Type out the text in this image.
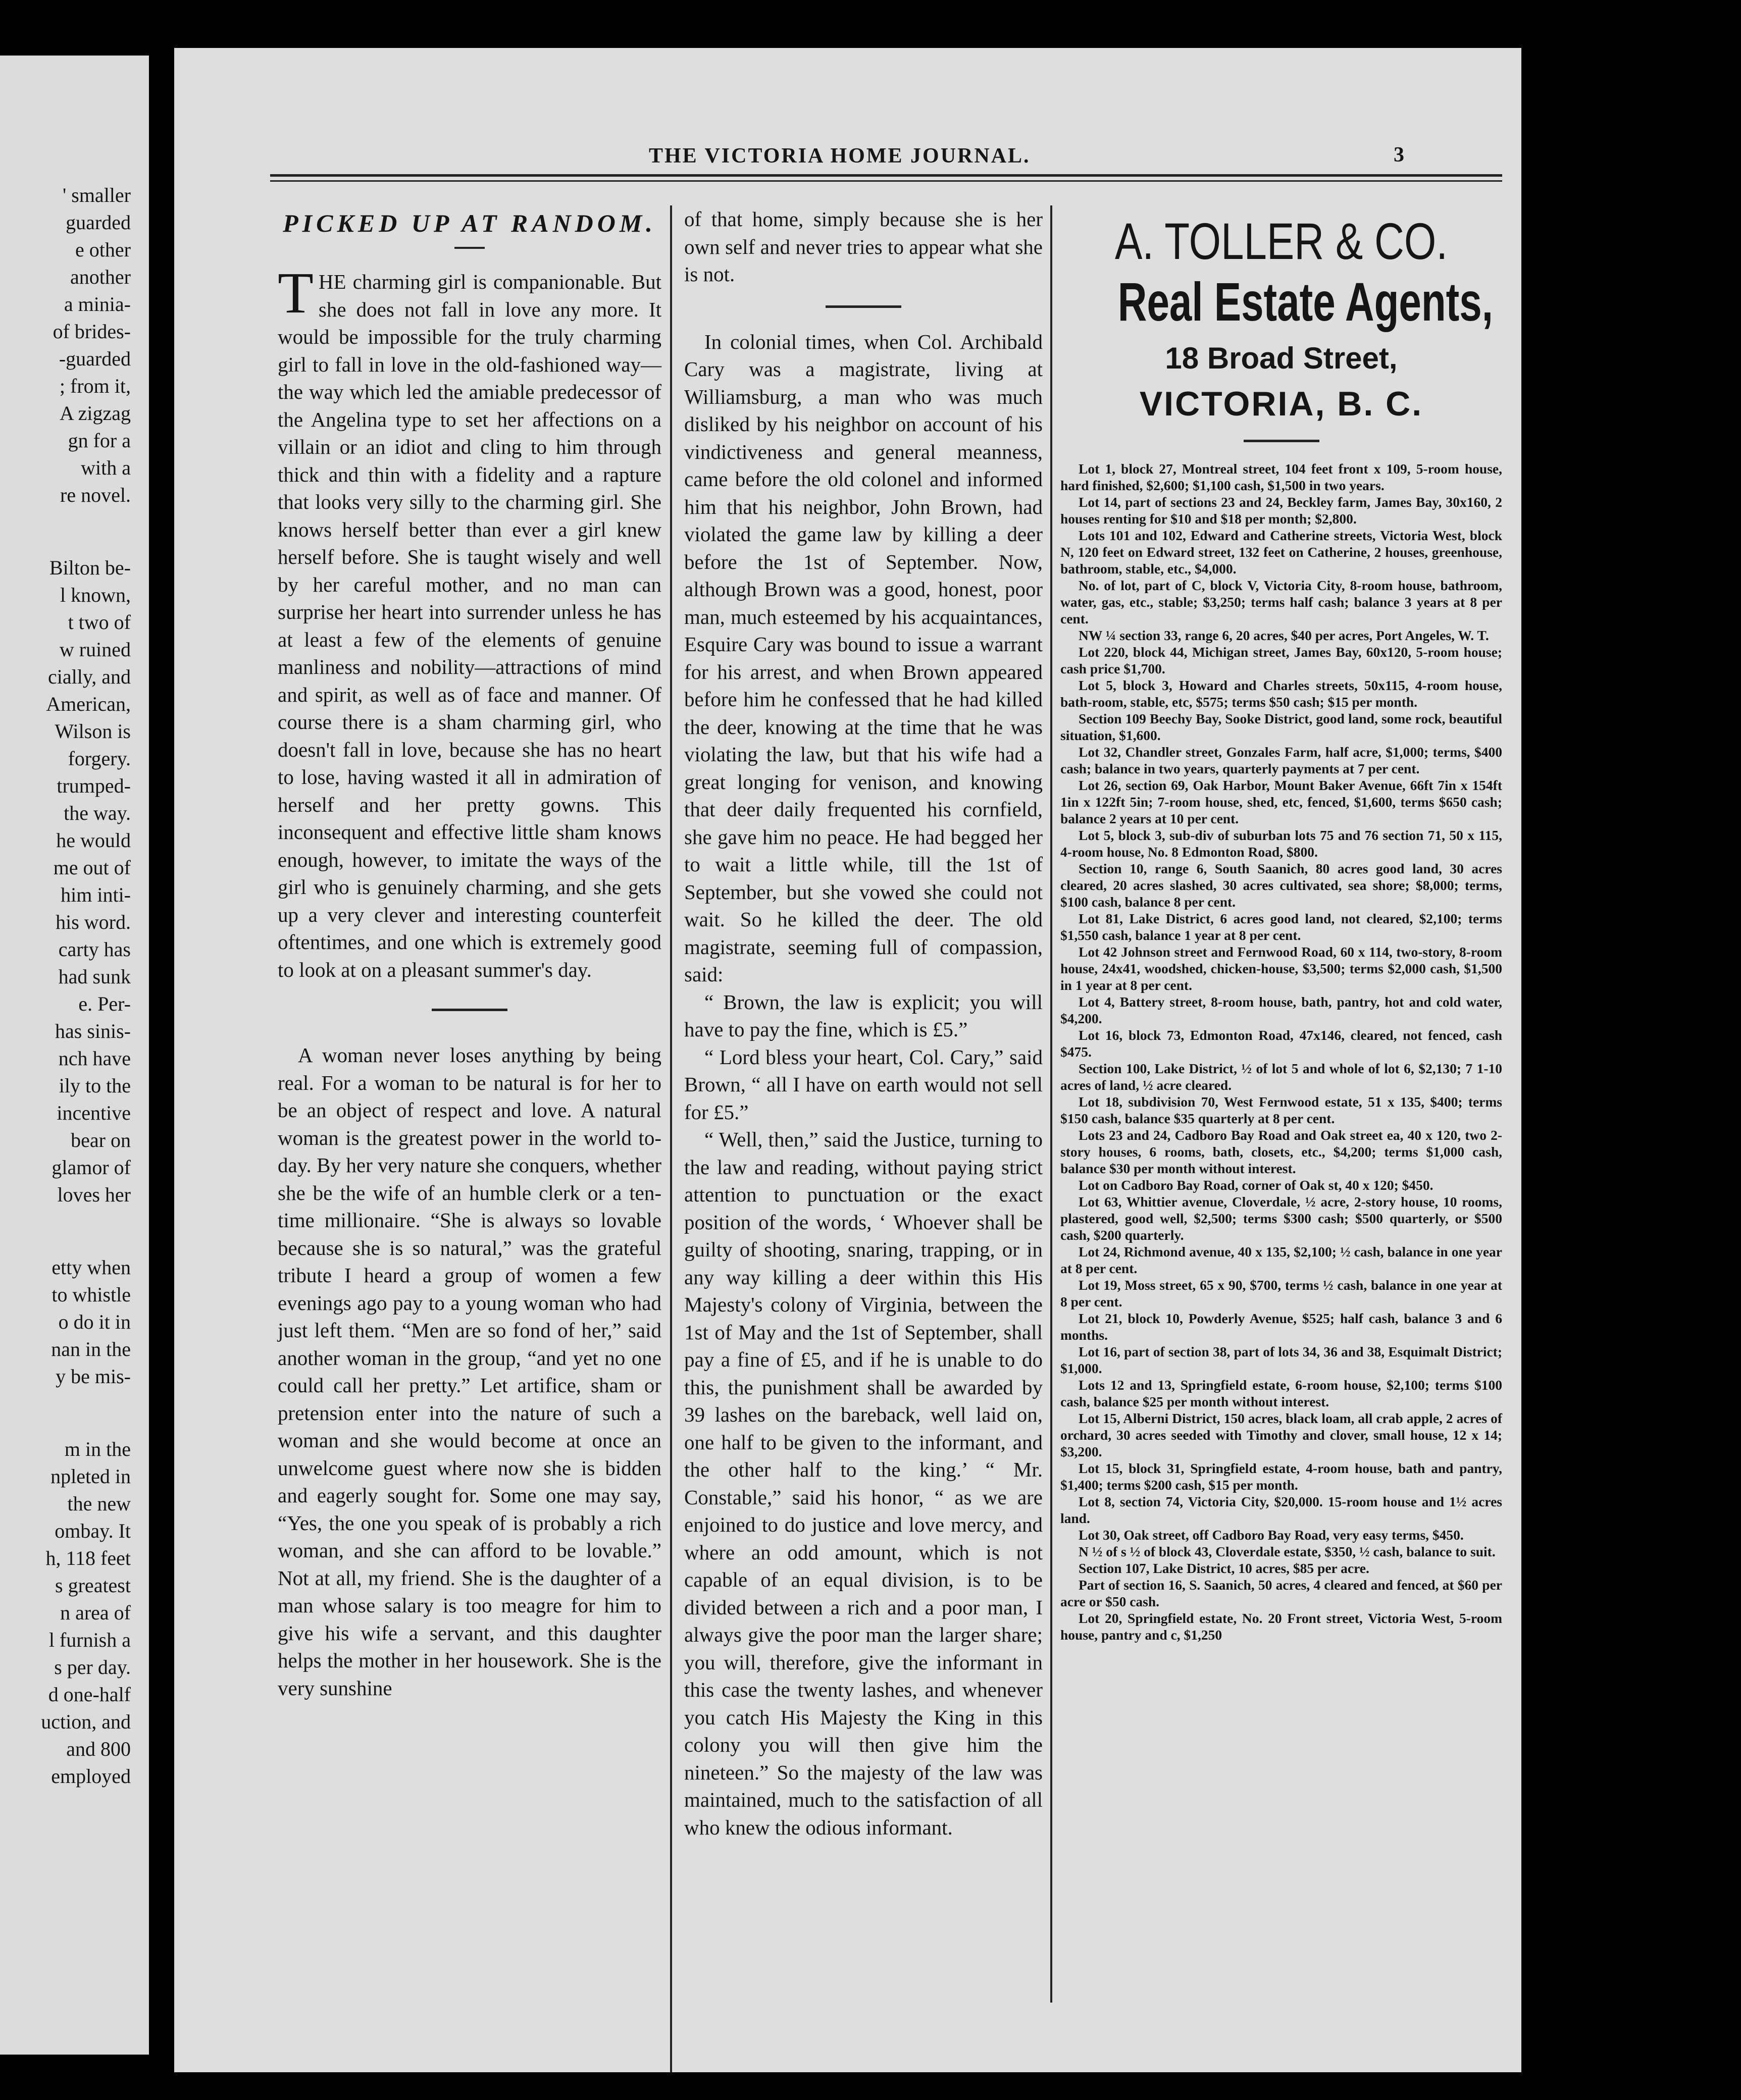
' smaller
guarded
e other
another
a minia-
of brides-
-guarded
; from it,
A zigzag
gn for a
with a
re novel.
Bilton be-
l known,
t two of
w ruined
cially, and
American,
Wilson is
forgery.
trumped-
the way.
he would
me out of
him inti-
his word.
carty has
had sunk
e. Per-
has sinis-
nch have
ily to the
incentive
bear on
glamor of
loves her
etty when
to whistle
o do it in
nan in the
y be mis-
m in the
npleted in
the new
ombay. It
h, 118 feet
s greatest
n area of
l furnish a
s per day.
d one-half
uction, and
and 800
employed
THE VICTORIA HOME JOURNAL.	3
PICKED UP AT RANDOM.

THE charming girl is companionable. But she does not fall in love any more. It would be impossible for the truly charming girl to fall in love in the old-fashioned way—the way which led the amiable predecessor of the Angelina type to set her affections on a villain or an idiot and cling to him through thick and thin with a fidelity and a rapture that looks very silly to the charming girl. She knows herself better than ever a girl knew herself before. She is taught wisely and well by her careful mother, and no man can surprise her heart into surrender unless he has at least a few of the elements of genuine manliness and nobility—attractions of mind and spirit, as well as of face and manner. Of course there is a sham charming girl, who doesn't fall in love, because she has no heart to lose, having wasted it all in admiration of herself and her pretty gowns. This inconsequent and effective little sham knows enough, however, to imitate the ways of the girl who is genuinely charming, and she gets up a very clever and interesting counterfeit oftentimes, and one which is extremely good to look at on a pleasant summer's day.

A woman never loses anything by being real. For a woman to be natural is for her to be an object of respect and love. A natural woman is the greatest power in the world to-day. By her very nature she conquers, whether she be the wife of an humble clerk or a ten-time millionaire. “She is always so lovable because she is so natural,” was the grateful tribute I heard a group of women a few evenings ago pay to a young woman who had just left them. “Men are so fond of her,” said another woman in the group, “and yet no one could call her pretty.” Let artifice, sham or pretension enter into the nature of such a woman and she would become at once an unwelcome guest where now she is bidden and eagerly sought for. Some one may say, “Yes, the one you speak of is probably a rich woman, and she can afford to be lovable.” Not at all, my friend. She is the daughter of a man whose salary is too meagre for him to give his wife a servant, and this daughter helps the mother in her housework. She is the very sunshine

of that home, simply because she is her own self and never tries to appear what she is not.

In colonial times, when Col. Archibald Cary was a magistrate, living at Williamsburg, a man who was much disliked by his neighbor on account of his vindictiveness and general meanness, came before the old colonel and informed him that his neighbor, John Brown, had violated the game law by killing a deer before the 1st of September. Now, although Brown was a good, honest, poor man, much esteemed by his acquaintances, Esquire Cary was bound to issue a warrant for his arrest, and when Brown appeared before him he confessed that he had killed the deer, knowing at the time that he was violating the law, but that his wife had a great longing for venison, and knowing that deer daily frequented his cornfield, she gave him no peace. He had begged her to wait a little while, till the 1st of September, but she vowed she could not wait. So he killed the deer. The old magistrate, seeming full of compassion, said:

“ Brown, the law is explicit; you will have to pay the fine, which is £5.”

“ Lord bless your heart, Col. Cary,” said Brown, “ all I have on earth would not sell for £5.”

“ Well, then,” said the Justice, turning to the law and reading, without paying strict attention to punctuation or the exact position of the words, ‘ Whoever shall be guilty of shooting, snaring, trapping, or in any way killing a deer within this His Majesty's colony of Virginia, between the 1st of May and the 1st of September, shall pay a fine of £5, and if he is unable to do this, the punishment shall be awarded by 39 lashes on the bareback, well laid on, one half to be given to the informant, and the other half to the king.’ “ Mr. Constable,” said his honor, “ as we are enjoined to do justice and love mercy, and where an odd amount, which is not capable of an equal division, is to be divided between a rich and a poor man, I always give the poor man the larger share; you will, therefore, give the informant in this case the twenty lashes, and whenever you catch His Majesty the King in this colony you will then give him the nineteen.” So the majesty of the law was maintained, much to the satisfaction of all who knew the odious informant.

A. TOLLER & CO.
Real Estate Agents,
18 Broad Street,
VICTORIA, B. C.

Lot 1, block 27, Montreal street, 104 feet front x 109, 5-room house, hard finished, $2,600; $1,100 cash, $1,500 in two years.

Lot 14, part of sections 23 and 24, Beckley farm, James Bay, 30x160, 2 houses renting for $10 and $18 per month; $2,800.

Lots 101 and 102, Edward and Catherine streets, Victoria West, block N, 120 feet on Edward street, 132 feet on Catherine, 2 houses, greenhouse, bathroom, stable, etc., $4,000.

No. of lot, part of C, block V, Victoria City, 8-room house, bathroom, water, gas, etc., stable; $3,250; terms half cash; balance 3 years at 8 per cent.

NW ¼ section 33, range 6, 20 acres, $40 per acres, Port Angeles, W. T.

Lot 220, block 44, Michigan street, James Bay, 60x120, 5-room house; cash price $1,700.

Lot 5, block 3, Howard and Charles streets, 50x115, 4-room house, bath-room, stable, etc, $575; terms $50 cash; $15 per month.

Section 109 Beechy Bay, Sooke District, good land, some rock, beautiful situation, $1,600.

Lot 32, Chandler street, Gonzales Farm, half acre, $1,000; terms, $400 cash; balance in two years, quarterly payments at 7 per cent.

Lot 26, section 69, Oak Harbor, Mount Baker Avenue, 66ft 7in x 154ft 1in x 122ft 5in; 7-room house, shed, etc, fenced, $1,600, terms $650 cash; balance 2 years at 10 per cent.

Lot 5, block 3, sub-div of suburban lots 75 and 76 section 71, 50 x 115, 4-room house, No. 8 Edmonton Road, $800.

Section 10, range 6, South Saanich, 80 acres good land, 30 acres cleared, 20 acres slashed, 30 acres cultivated, sea shore; $8,000; terms, $100 cash, balance 8 per cent.

Lot 81, Lake District, 6 acres good land, not cleared, $2,100; terms $1,550 cash, balance 1 year at 8 per cent.

Lot 42 Johnson street and Fernwood Road, 60 x 114, two-story, 8-room house, 24x41, woodshed, chicken-house, $3,500; terms $2,000 cash, $1,500 in 1 year at 8 per cent.

Lot 4, Battery street, 8-room house, bath, pantry, hot and cold water, $4,200.

Lot 16, block 73, Edmonton Road, 47x146, cleared, not fenced, cash $475.

Section 100, Lake District, ½ of lot 5 and whole of lot 6, $2,130; 7 1-10 acres of land, ½ acre cleared.

Lot 18, subdivision 70, West Fernwood estate, 51 x 135, $400; terms $150 cash, balance $35 quarterly at 8 per cent.

Lots 23 and 24, Cadboro Bay Road and Oak street ea, 40 x 120, two 2-story houses, 6 rooms, bath, closets, etc., $4,200; terms $1,000 cash, balance $30 per month without interest.

Lot on Cadboro Bay Road, corner of Oak st, 40 x 120; $450.

Lot 63, Whittier avenue, Cloverdale, ½ acre, 2-story house, 10 rooms, plastered, good well, $2,500; terms $300 cash; $500 quarterly, or $500 cash, $200 quarterly.

Lot 24, Richmond avenue, 40 x 135, $2,100; ½ cash, balance in one year at 8 per cent.

Lot 19, Moss street, 65 x 90, $700, terms ½ cash, balance in one year at 8 per cent.

Lot 21, block 10, Powderly Avenue, $525; half cash, balance 3 and 6 months.

Lot 16, part of section 38, part of lots 34, 36 and 38, Esquimalt District; $1,000.

Lots 12 and 13, Springfield estate, 6-room house, $2,100; terms $100 cash, balance $25 per month without interest.

Lot 15, Alberni District, 150 acres, black loam, all crab apple, 2 acres of orchard, 30 acres seeded with Timothy and clover, small house, 12 x 14; $3,200.

Lot 15, block 31, Springfield estate, 4-room house, bath and pantry, $1,400; terms $200 cash, $15 per month.

Lot 8, section 74, Victoria City, $20,000. 15-room house and 1½ acres land.

Lot 30, Oak street, off Cadboro Bay Road, very easy terms, $450.

N ½ of s ½ of block 43, Cloverdale estate, $350, ½ cash, balance to suit.

Section 107, Lake District, 10 acres, $85 per acre.

Part of section 16, S. Saanich, 50 acres, 4 cleared and fenced, at $60 per acre or $50 cash.

Lot 20, Springfield estate, No. 20 Front street, Victoria West, 5-room house, pantry and c, $1,250
